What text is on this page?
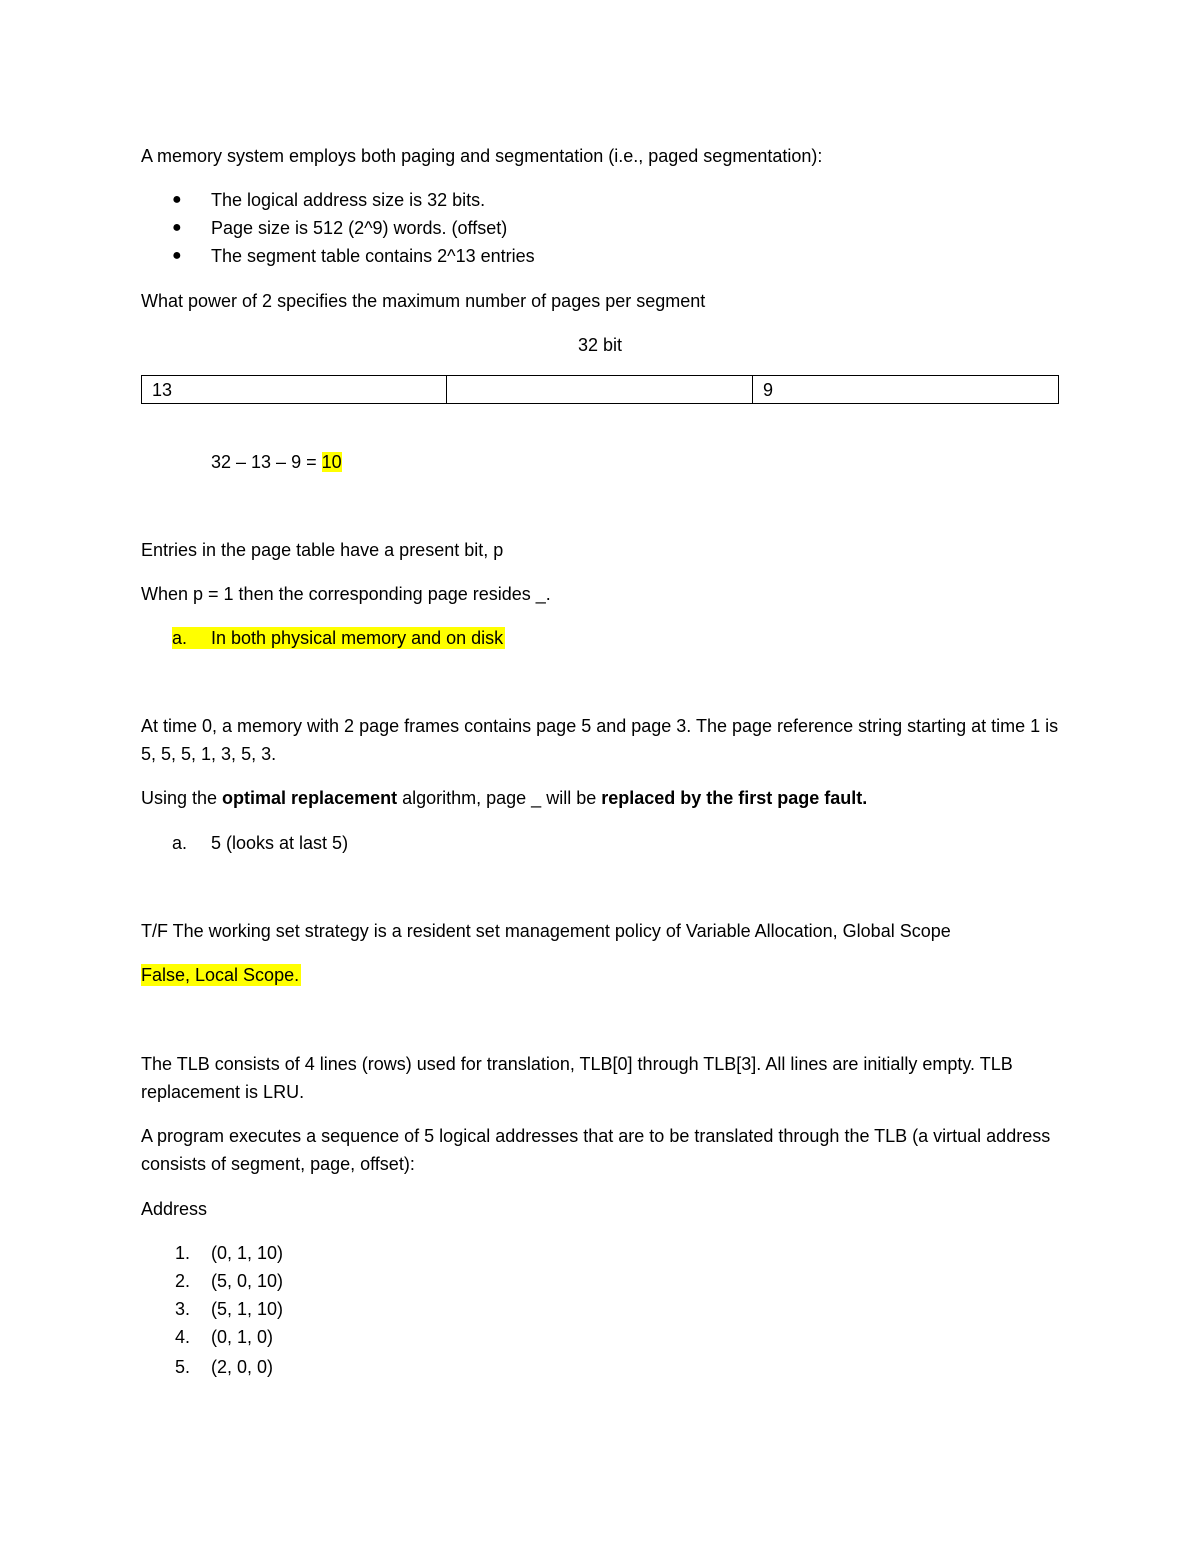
A memory system employs both paging and segmentation (i.e., paged segmentation):
● The logical address size is 32 bits.
● Page size is 512 (2^9) words. (offset)
● The segment table contains 2^13 entries
What power of 2 specifies the maximum number of pages per segment
32 bit
13		9
32 – 13 – 9 = 10
Entries in the page table have a present bit, p
When p = 1 then the corresponding page resides _.
a. In both physical memory and on disk
At time 0, a memory with 2 page frames contains page 5 and page 3. The page reference string starting at time 1 is 5, 5, 5, 1, 3, 5, 3.
Using the optimal replacement algorithm, page _ will be replaced by the first page fault.
a. 5 (looks at last 5)
T/F The working set strategy is a resident set management policy of Variable Allocation, Global Scope
False, Local Scope.
The TLB consists of 4 lines (rows) used for translation, TLB[0] through TLB[3]. All lines are initially empty. TLB replacement is LRU.
A program executes a sequence of 5 logical addresses that are to be translated through the TLB (a virtual address consists of segment, page, offset):
Address
1. (0, 1, 10)
2. (5, 0, 10)
3. (5, 1, 10)
4. (0, 1, 0)
5. (2, 0, 0)
